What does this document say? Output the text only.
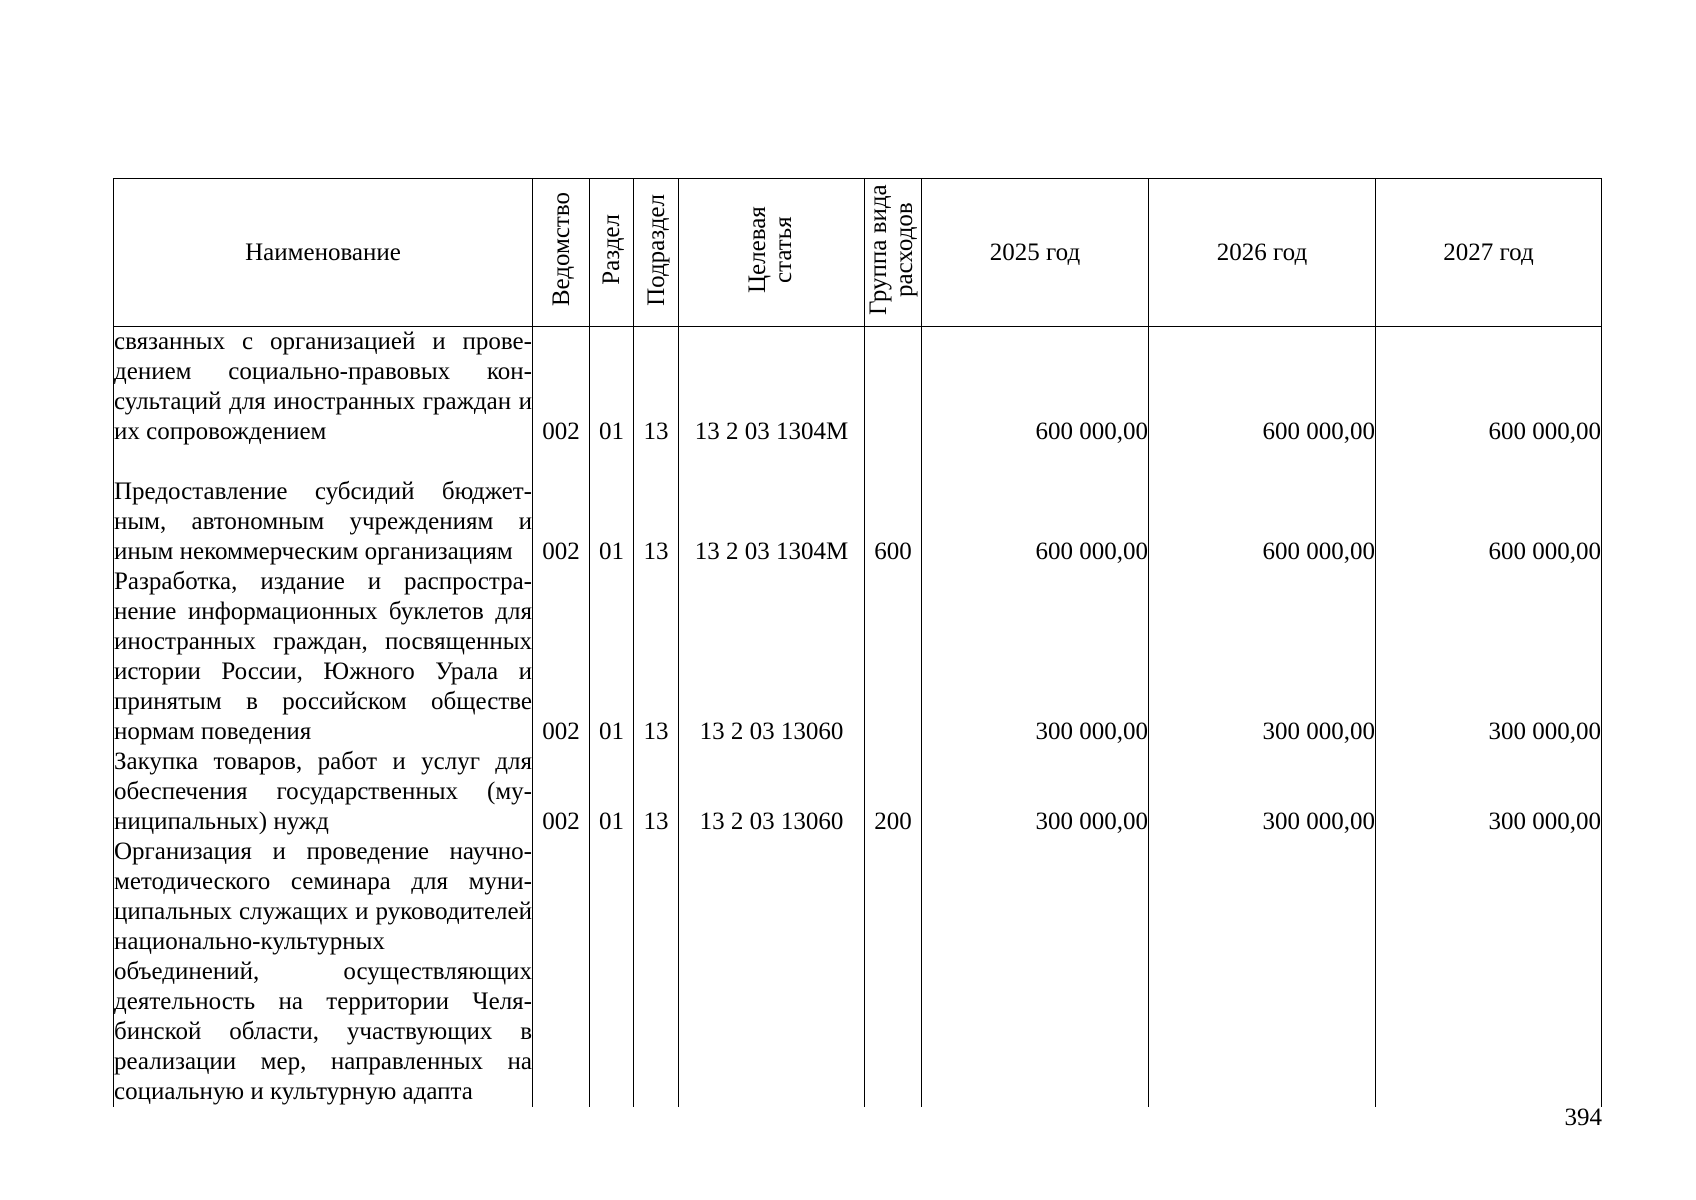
Наименование	Ведомство	Раздел	Подраздел	Целевая статья	Группа вида расходов	2025 год	2026 год	2027 год
связанных с организацией и проведением социально-правовых консультаций для иностранных граждан и их сопровождением	002	01	13	13 2 03 1304М		600 000,00	600 000,00	600 000,00
Предоставление субсидий бюджетным, автономным учреждениям и иным некоммерческим организациям	002	01	13	13 2 03 1304М	600	600 000,00	600 000,00	600 000,00
Разработка, издание и распространение информационных буклетов для иностранных граждан, посвященных истории России, Южного Урала и принятым в российском обществе нормам поведения	002	01	13	13 2 03 13060		300 000,00	300 000,00	300 000,00
Закупка товаров, работ и услуг для обеспечения государственных (муниципальных) нужд	002	01	13	13 2 03 13060	200	300 000,00	300 000,00	300 000,00
Организация и проведение научнометодического семинара для муниципальных служащих и руководителей национально-культурных объединений, осуществляющих деятельность на территории Челябинской области, участвующих в реализации мер, направленных на социальную и культурную адапта								
394
